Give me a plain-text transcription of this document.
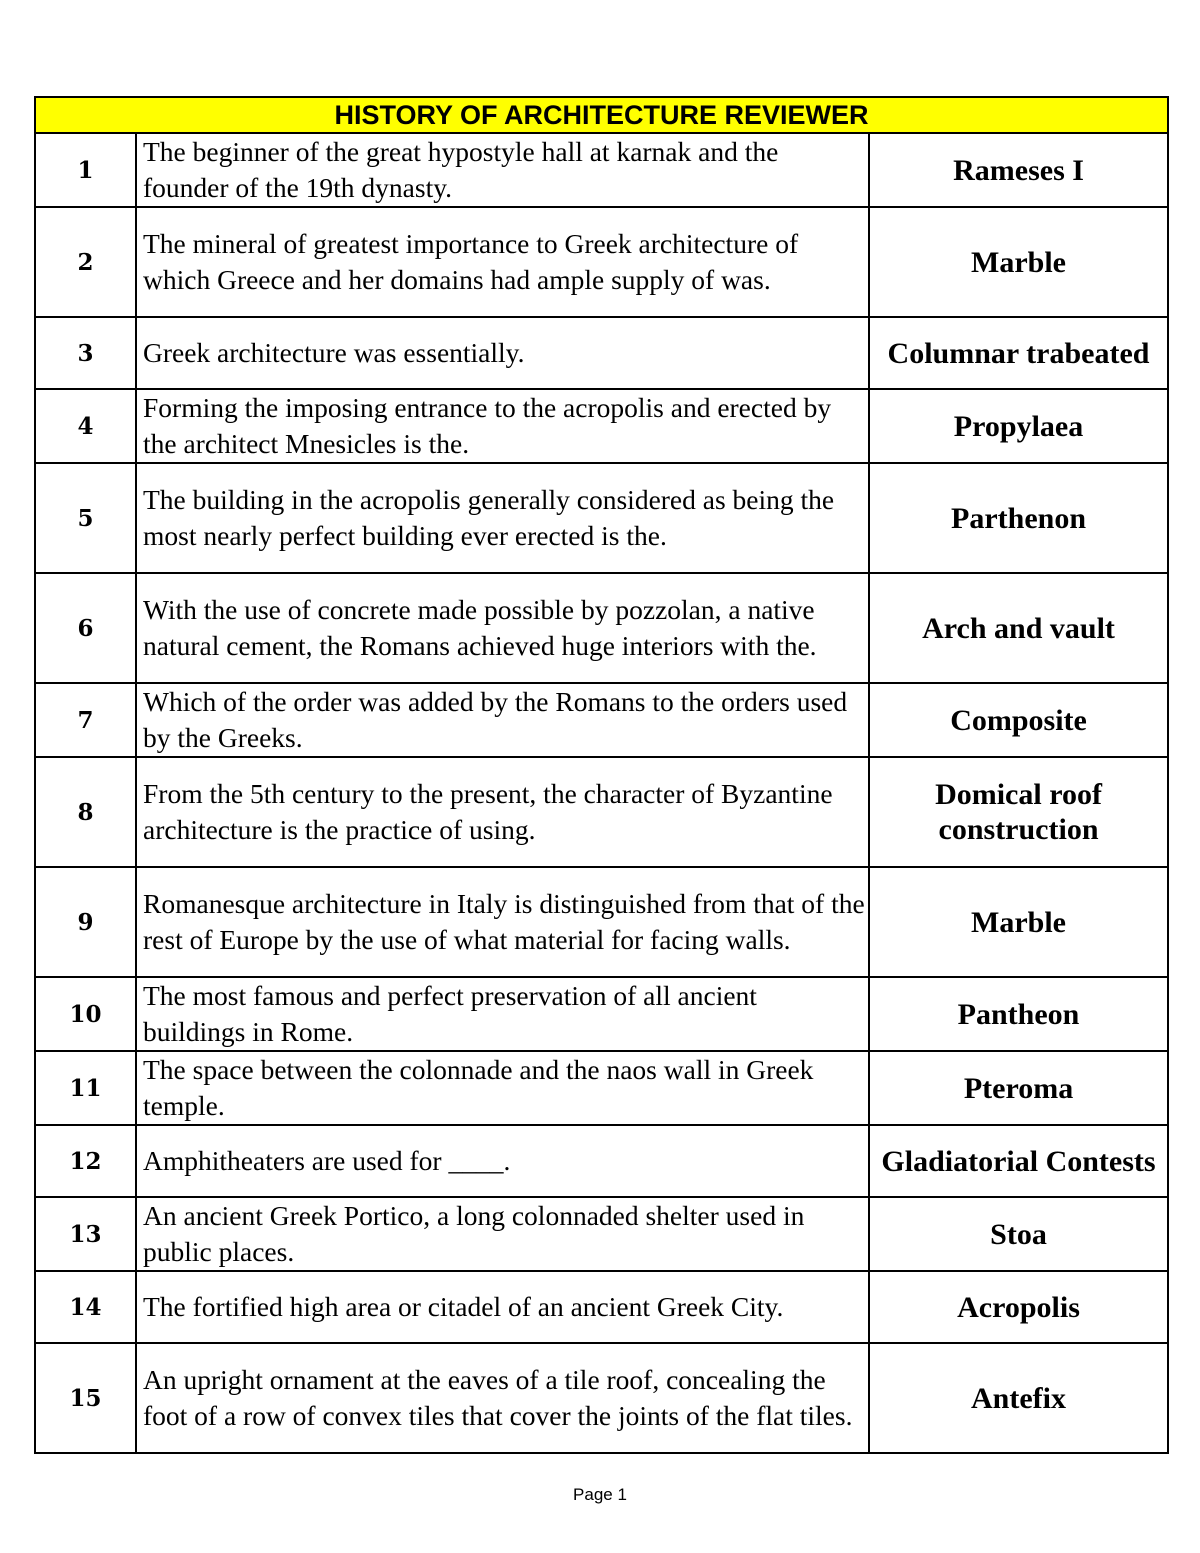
HISTORY OF ARCHITECTURE REVIEWER		
1	The beginner of the great hypostyle hall at karnak and the founder of the 19th dynasty.	Rameses I
2	The mineral of greatest importance to Greek architecture of which Greece and her domains had ample supply of was.	Marble
3	Greek architecture was essentially.	Columnar trabeated
4	Forming the imposing entrance to the acropolis and erected by the architect Mnesicles is the.	Propylaea
5	The building in the acropolis generally considered as being the most nearly perfect building ever erected is the.	Parthenon
6	With the use of concrete made possible by pozzolan, a native natural cement, the Romans achieved huge interiors with the.	Arch and vault
7	Which of the order was added by the Romans to the orders used by the Greeks.	Composite
8	From the 5th century to the present, the character of Byzantine architecture is the practice of using.	Domical roof construction
9	Romanesque architecture in Italy is distinguished from that of the rest of Europe by the use of what material for facing walls.	Marble
10	The most famous and perfect preservation of all ancient buildings in Rome.	Pantheon
11	The space between the colonnade and the naos wall in Greek temple.	Pteroma
12	Amphitheaters are used for ____.	Gladiatorial Contests
13	An ancient Greek Portico, a long colonnaded shelter used in public places.	Stoa
14	The fortified high area or citadel of an ancient Greek City.	Acropolis
15	An upright ornament at the eaves of a tile roof, concealing the foot of a row of convex tiles that cover the joints of the flat tiles.	Antefix
Page 1
